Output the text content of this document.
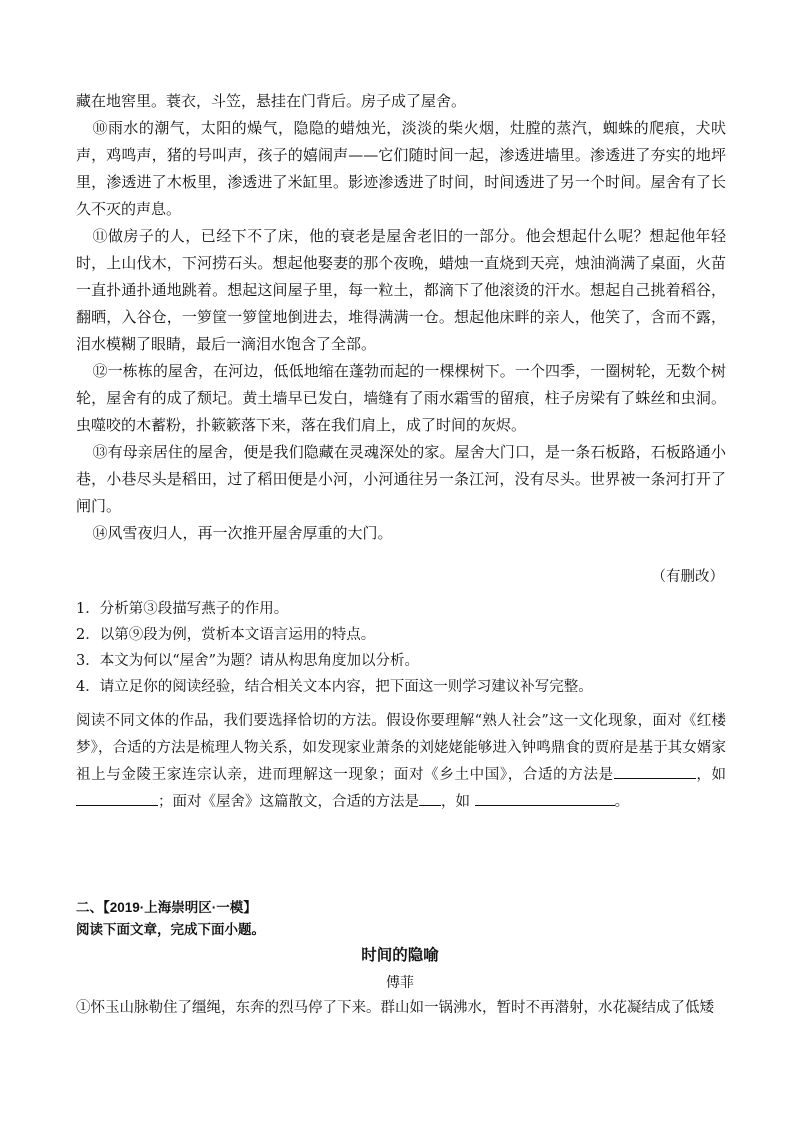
藏在地窖里。蓑衣，斗笠，悬挂在门背后。房子成了屋舍。

⑩雨水的潮气，太阳的燥气，隐隐的蜡烛光，淡淡的柴火烟，灶膛的蒸汽，蜘蛛的爬痕，犬吠声，鸡鸣声，猪的号叫声，孩子的嬉闹声——它们随时间一起，渗透进墙里。渗透进了夯实的地坪里，渗透进了木板里，渗透进了米缸里。影迹渗透进了时间，时间透进了另一个时间。屋舍有了长久不灭的声息。

⑪做房子的人，已经下不了床，他的衰老是屋舍老旧的一部分。他会想起什么呢？想起他年轻时，上山伐木，下河捞石头。想起他娶妻的那个夜晚，蜡烛一直烧到天亮，烛油淌满了桌面，火苗一直扑通扑通地跳着。想起这间屋子里，每一粒土，都滴下了他滚烫的汗水。想起自己挑着稻谷，翻晒，入谷仓，一箩筐一箩筐地倒进去，堆得满满一仓。想起他床畔的亲人，他笑了，含而不露，泪水模糊了眼睛，最后一滴泪水饱含了全部。

⑫一栋栋的屋舍，在河边，低低地缩在蓬勃而起的一棵棵树下。一个四季，一圈树轮，无数个树轮，屋舍有的成了颓圮。黄土墙早已发白，墙缝有了雨水霜雪的留痕，柱子房梁有了蛛丝和虫洞。虫噬咬的木蓄粉，扑簌簌落下来，落在我们肩上，成了时间的灰烬。

⑬有母亲居住的屋舍，便是我们隐藏在灵魂深处的家。屋舍大门口，是一条石板路，石板路通小巷，小巷尽头是稻田，过了稻田便是小河，小河通往另一条江河，没有尽头。世界被一条河打开了闸门。

⑭风雪夜归人，再一次推开屋舍厚重的大门。

（有删改）

1．分析第③段描写燕子的作用。

2．以第⑨段为例，赏析本文语言运用的特点。

3．本文为何以“屋舍”为题？请从构思角度加以分析。

4．请立足你的阅读经验，结合相关文本内容，把下面这一则学习建议补写完整。

阅读不同文体的作品，我们要选择恰切的方法。假设你要理解“熟人社会”这一文化现象，面对《红楼梦》，合适的方法是梳理人物关系，如发现家业萧条的刘姥姥能够进入钟鸣鼎食的贾府是基于其女婿家祖上与金陵王家连宗认亲，进而理解这一现象；面对《乡土中国》，合适的方法是	，如 ；面对《屋舍》这篇散文，合适的方法是 ，如	。

二、【2019·上海崇明区·一模】
阅读下面文章，完成下面小题。
时间的隐喻
傅菲
①怀玉山脉勒住了缰绳，东奔的烈马停了下来。群山如一锅沸水，暂时不再潜射，水花凝结成了低矮
